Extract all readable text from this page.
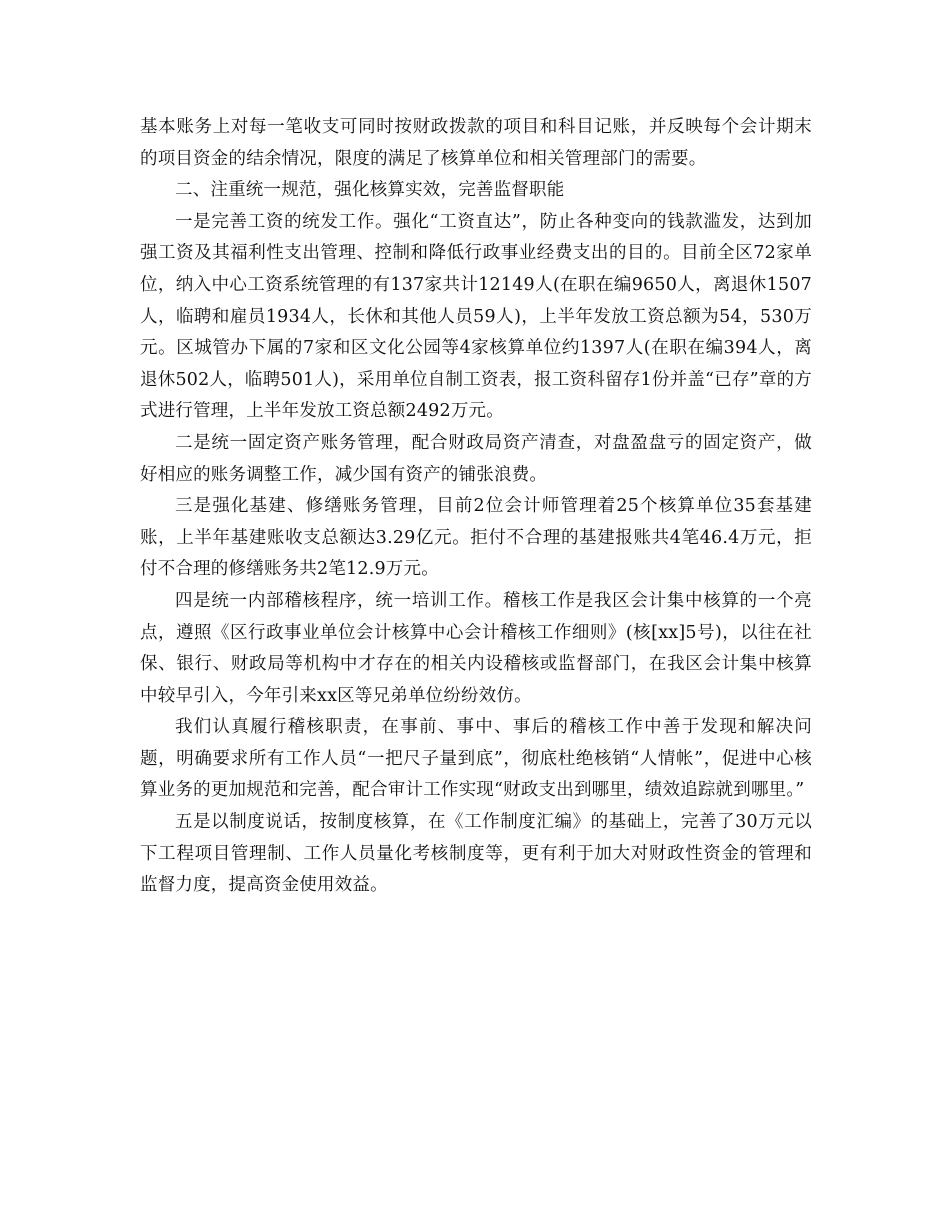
基本账务上对每一笔收支可同时按财政拨款的项目和科目记账，并反映每个会计期末的项目资金的结余情况，限度的满足了核算单位和相关管理部门的需要。

二、注重统一规范，强化核算实效，完善监督职能

一是完善工资的统发工作。强化“工资直达”，防止各种变向的钱款滥发，达到加强工资及其福利性支出管理、控制和降低行政事业经费支出的目的。目前全区72家单位，纳入中心工资系统管理的有137家共计12149人(在职在编9650人，离退休1507人，临聘和雇员1934人，长休和其他人员59人)，上半年发放工资总额为54，530万元。区城管办下属的7家和区文化公园等4家核算单位约1397人(在职在编394人，离退休502人，临聘501人)，采用单位自制工资表，报工资科留存1份并盖“已存”章的方式进行管理，上半年发放工资总额2492万元。

二是统一固定资产账务管理，配合财政局资产清查，对盘盈盘亏的固定资产，做好相应的账务调整工作，减少国有资产的铺张浪费。

三是强化基建、修缮账务管理，目前2位会计师管理着25个核算单位35套基建账，上半年基建账收支总额达3.29亿元。拒付不合理的基建报账共4笔46.4万元，拒付不合理的修缮账务共2笔12.9万元。

四是统一内部稽核程序，统一培训工作。稽核工作是我区会计集中核算的一个亮点，遵照《区行政事业单位会计核算中心会计稽核工作细则》(核[xx]5号)，以往在社保、银行、财政局等机构中才存在的相关内设稽核或监督部门，在我区会计集中核算中较早引入，今年引来xx区等兄弟单位纷纷效仿。

我们认真履行稽核职责，在事前、事中、事后的稽核工作中善于发现和解决问题，明确要求所有工作人员“一把尺子量到底”，彻底杜绝核销“人情帐”，促进中心核算业务的更加规范和完善，配合审计工作实现“财政支出到哪里，绩效追踪就到哪里。”

五是以制度说话，按制度核算，在《工作制度汇编》的基础上，完善了30万元以下工程项目管理制、工作人员量化考核制度等，更有利于加大对财政性资金的管理和监督力度，提高资金使用效益。
